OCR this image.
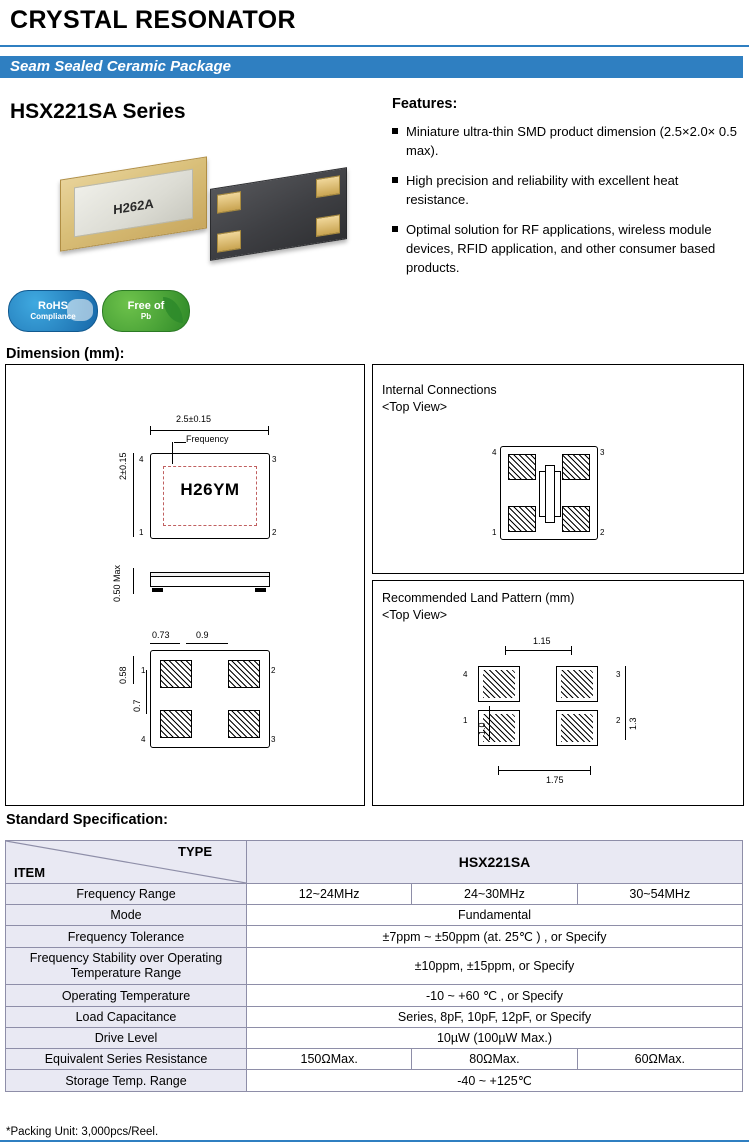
CRYSTAL RESONATOR
Seam Sealed Ceramic Package
HSX221SA Series
H262A
RoHS
Compliance
Free of
Pb
Features:
Miniature ultra-thin SMD product dimension (2.5×2.0× 0.5 max).
High precision and reliability with excellent heat resistance.
Optimal solution for RF applications, wireless module devices, RFID application, and other consumer based products.
Dimension (mm):
Standard Specification:
2.5±0.15
2±0.15
Frequency
H26YM
4	3
1	2
0.50 Max
0.73	0.9
0.58
0.7
1	2
4	3
Internal Connections
<Top View>
4	3
1	2
Recommended Land Pattern (mm)
<Top View>
1.15
4	3
1	2
1.0	1.3
1.75
TYPE
ITEM	HSX221SA		
Frequency Range	12~24MHz	24~30MHz	30~54MHz
Mode	Fundamental		
Frequency Tolerance	±7ppm ~ ±50ppm (at. 25℃ ) , or Specify		
Frequency Stability over Operating Temperature Range	±10ppm, ±15ppm, or Specify		
Operating Temperature	-10 ~ +60 ℃ , or Specify		
Load Capacitance	Series, 8pF, 10pF, 12pF, or Specify		
Drive Level	10µW (100µW Max.)		
Equivalent Series Resistance	150ΩMax.	80ΩMax.	60ΩMax.
Storage Temp. Range	-40 ~ +125℃		
*Packing Unit: 3,000pcs/Reel.
